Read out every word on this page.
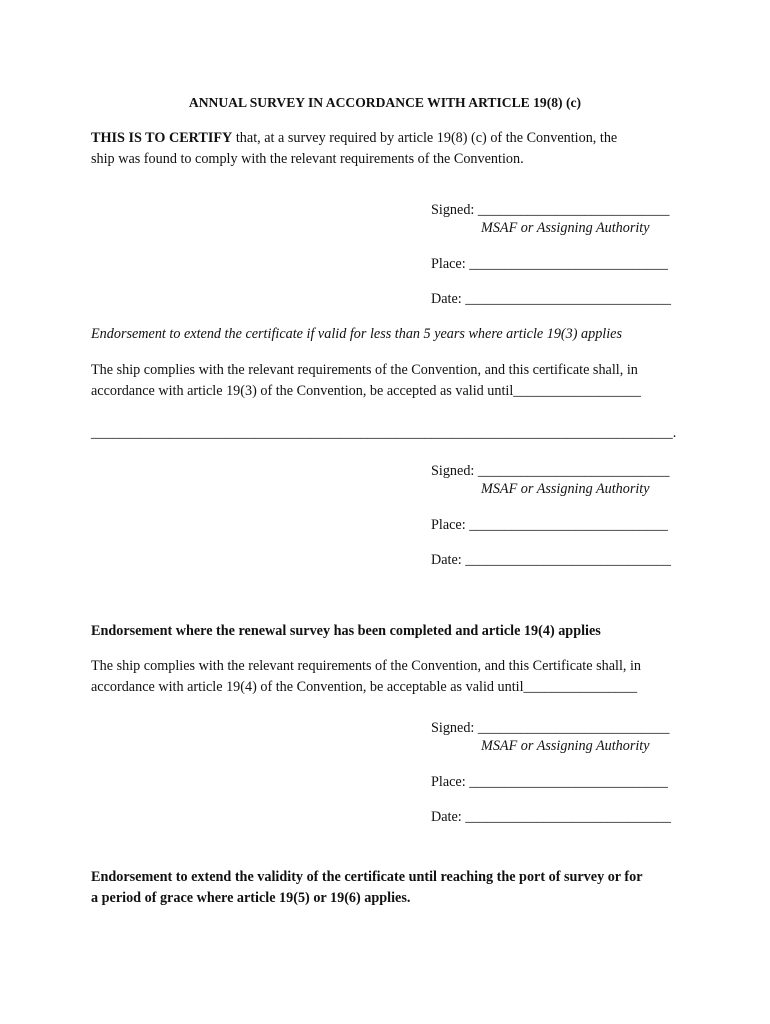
ANNUAL SURVEY IN ACCORDANCE WITH ARTICLE 19(8) (c)
THIS IS TO CERTIFY that, at a survey required by article 19(8) (c) of the Convention, the
ship was found to comply with the relevant requirements of the Convention.
Signed: ___________________________
MSAF or Assigning Authority
Place: ____________________________
Date: _____________________________
Endorsement to extend the certificate if valid for less than 5 years where article 19(3) applies
The ship complies with the relevant requirements of the Convention, and this certificate shall, in
accordance with article 19(3) of the Convention, be accepted as valid until__________________
__________________________________________________________________________________.
Signed: ___________________________
MSAF or Assigning Authority
Place: ____________________________
Date: _____________________________
Endorsement where the renewal survey has been completed and article 19(4) applies
The ship complies with the relevant requirements of the Convention, and this Certificate shall, in
accordance with article 19(4) of the Convention, be acceptable as valid until________________
Signed: ___________________________
MSAF or Assigning Authority
Place: ____________________________
Date: _____________________________
Endorsement to extend the validity of the certificate until reaching the port of survey or for
a period of grace where article 19(5) or 19(6) applies.
